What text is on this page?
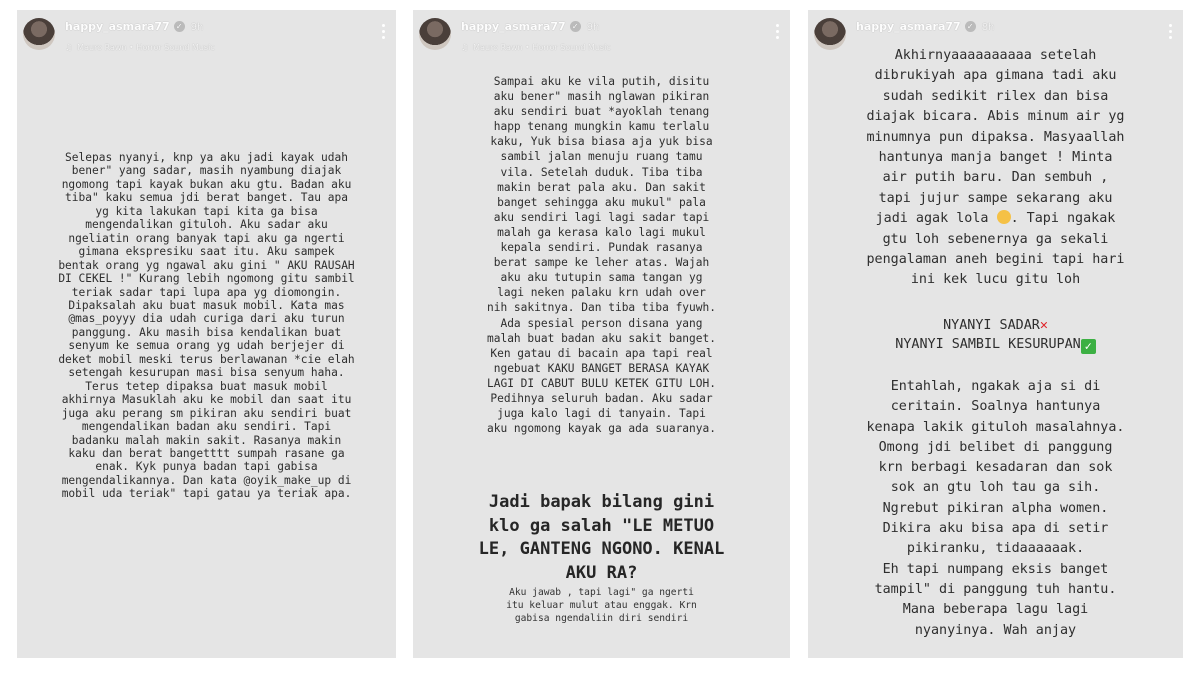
happy_asmara77 ✓ 9h
♫ Mauro Rawn • Horror Sound Music
Selepas nyanyi, knp ya aku jadi kayak udah
bener" yang sadar, masih nyambung diajak
ngomong tapi kayak bukan aku gtu. Badan aku
tiba" kaku semua jdi berat banget. Tau apa
yg kita lakukan tapi kita ga bisa
mengendalikan gituloh. Aku sadar aku
ngeliatin orang banyak tapi aku ga ngerti
gimana ekspresiku saat itu. Aku sampek
bentak orang yg ngawal aku gini " AKU RAUSAH
DI CEKEL !" Kurang lebih ngomong gitu sambil
teriak sadar tapi lupa apa yg diomongin.
Dipaksalah aku buat masuk mobil. Kata mas
@mas_poyyy dia udah curiga dari aku turun
panggung. Aku masih bisa kendalikan buat
senyum ke semua orang yg udah berjejer di
deket mobil meski terus berlawanan *cie elah
setengah kesurupan masi bisa senyum haha.
Terus tetep dipaksa buat masuk mobil
akhirnya Masuklah aku ke mobil dan saat itu
juga aku perang sm pikiran aku sendiri buat
mengendalikan badan aku sendiri. Tapi
badanku malah makin sakit. Rasanya makin
kaku dan berat bangetttt sumpah rasane ga
enak. Kyk punya badan tapi gabisa
mengendalikannya. Dan kata @oyik_make_up di
mobil uda teriak" tapi gatau ya teriak apa.
happy_asmara77 ✓ 9h
♫ Mauro Rawn • Horror Sound Music
Sampai aku ke vila putih, disitu
aku bener" masih nglawan pikiran
aku sendiri buat *ayoklah tenang
happ tenang mungkin kamu terlalu
kaku, Yuk bisa biasa aja yuk bisa
sambil jalan menuju ruang tamu
vila. Setelah duduk. Tiba tiba
makin berat pala aku. Dan sakit
banget sehingga aku mukul" pala
aku sendiri lagi lagi sadar tapi
malah ga kerasa kalo lagi mukul
kepala sendiri. Pundak rasanya
berat sampe ke leher atas. Wajah
aku aku tutupin sama tangan yg
lagi neken palaku krn udah over
nih sakitnya. Dan tiba tiba fyuwh.
Ada spesial person disana yang
malah buat badan aku sakit banget.
Ken gatau di bacain apa tapi real
ngebuat KAKU BANGET BERASA KAYAK
LAGI DI CABUT BULU KETEK GITU LOH.
Pedihnya seluruh badan. Aku sadar
juga kalo lagi di tanyain. Tapi
aku ngomong kayak ga ada suaranya.
Jadi bapak bilang gini
klo ga salah "LE METUO
LE, GANTENG NGONO. KENAL
AKU RA?
Aku jawab , tapi lagi" ga ngerti
itu keluar mulut atau enggak. Krn
gabisa ngendaliin diri sendiri
happy_asmara77 ✓ 8h
Akhirnyaaaaaaaaaa setelah
dibrukiyah apa gimana tadi aku
sudah sedikit rilex dan bisa
diajak bicara. Abis minum air yg
minumnya pun dipaksa. Masyaallah
hantunya manja banget ! Minta
air putih baru. Dan sembuh ,
tapi jujur sampe sekarang aku
jadi agak lola . Tapi ngakak
gtu loh sebenernya ga sekali
pengalaman aneh begini tapi hari
ini kek lucu gitu loh
NYANYI SADAR✕
NYANYI SAMBIL KESURUPAN ✓
Entahlah, ngakak aja si di
ceritain. Soalnya hantunya
kenapa lakik gituloh masalahnya.
Omong jdi belibet di panggung
krn berbagi kesadaran dan sok
sok an gtu loh tau ga sih.
Ngrebut pikiran alpha women.
Dikira aku bisa apa di setir
pikiranku, tidaaaaaak.
Eh tapi numpang eksis banget
tampil" di panggung tuh hantu.
Mana beberapa lagu lagi
nyanyinya. Wah anjay
